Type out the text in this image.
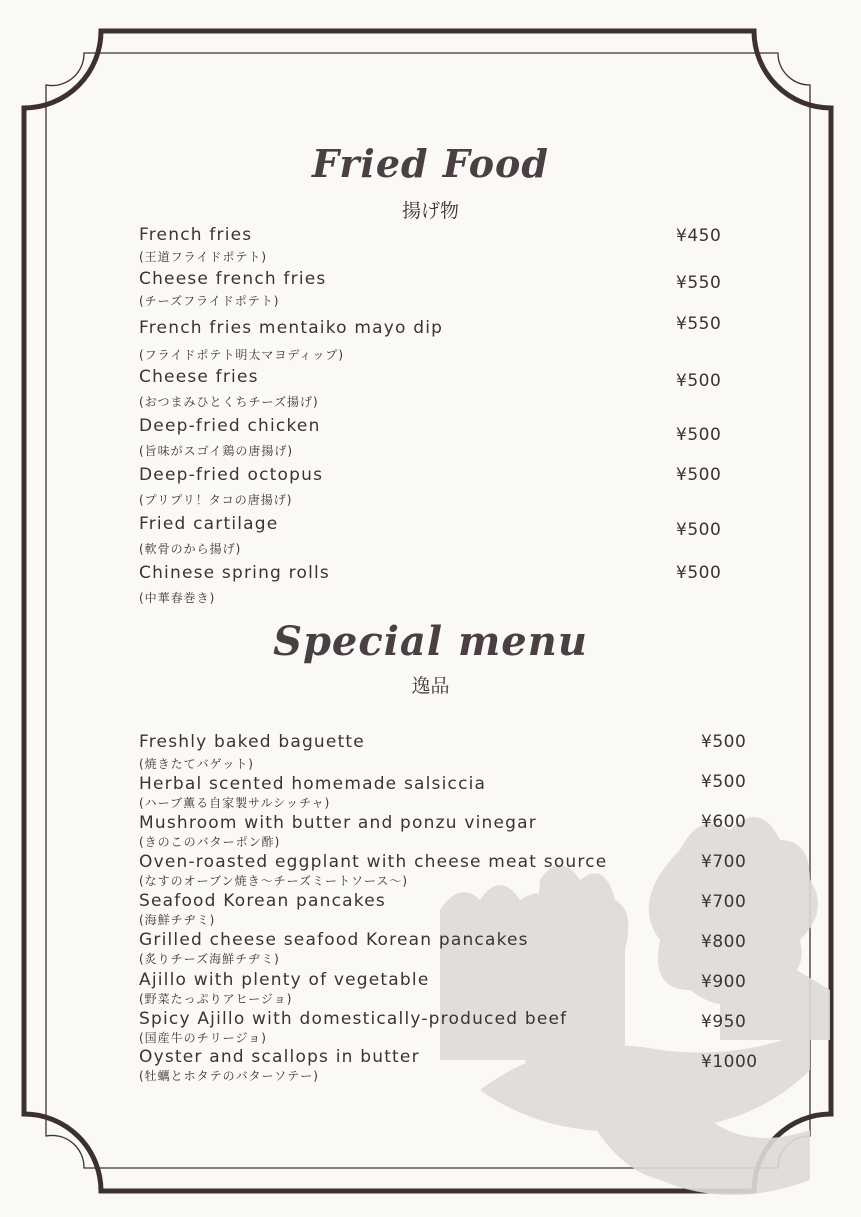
Fried Food
揚げ物
French fries
(王道フライドポテト)
¥450
Cheese french fries
(チーズフライドポテト)
¥550
French fries mentaiko mayo dip
(フライドポテト明太マヨディップ)
¥550
Cheese fries
(おつまみひとくちチーズ揚げ)
¥500
Deep-fried chicken
(旨味がスゴイ鶏の唐揚げ)
¥500
Deep-fried octopus
(プリプリ！タコの唐揚げ)
¥500
Fried cartilage
(軟骨のから揚げ)
¥500
Chinese spring rolls
(中華春巻き)
¥500
Special menu
逸品
Freshly baked baguette
(焼きたてバゲット)
¥500
Herbal scented homemade salsiccia
(ハーブ薫る自家製サルシッチャ)
¥500
Mushroom with butter and ponzu vinegar
(きのこのバターポン酢)
¥600
Oven-roasted eggplant with cheese meat source
(なすのオーブン焼き～チーズミートソース～)
¥700
Seafood Korean pancakes
(海鮮チヂミ)
¥700
Grilled cheese seafood Korean pancakes
(炙りチーズ海鮮チヂミ)
¥800
Ajillo with plenty of vegetable
(野菜たっぷりアヒージョ)
¥900
Spicy Ajillo with domestically-produced beef
(国産牛のチリージョ)
¥950
Oyster and scallops in butter
(牡蠣とホタテのバターソテー)
¥1000
